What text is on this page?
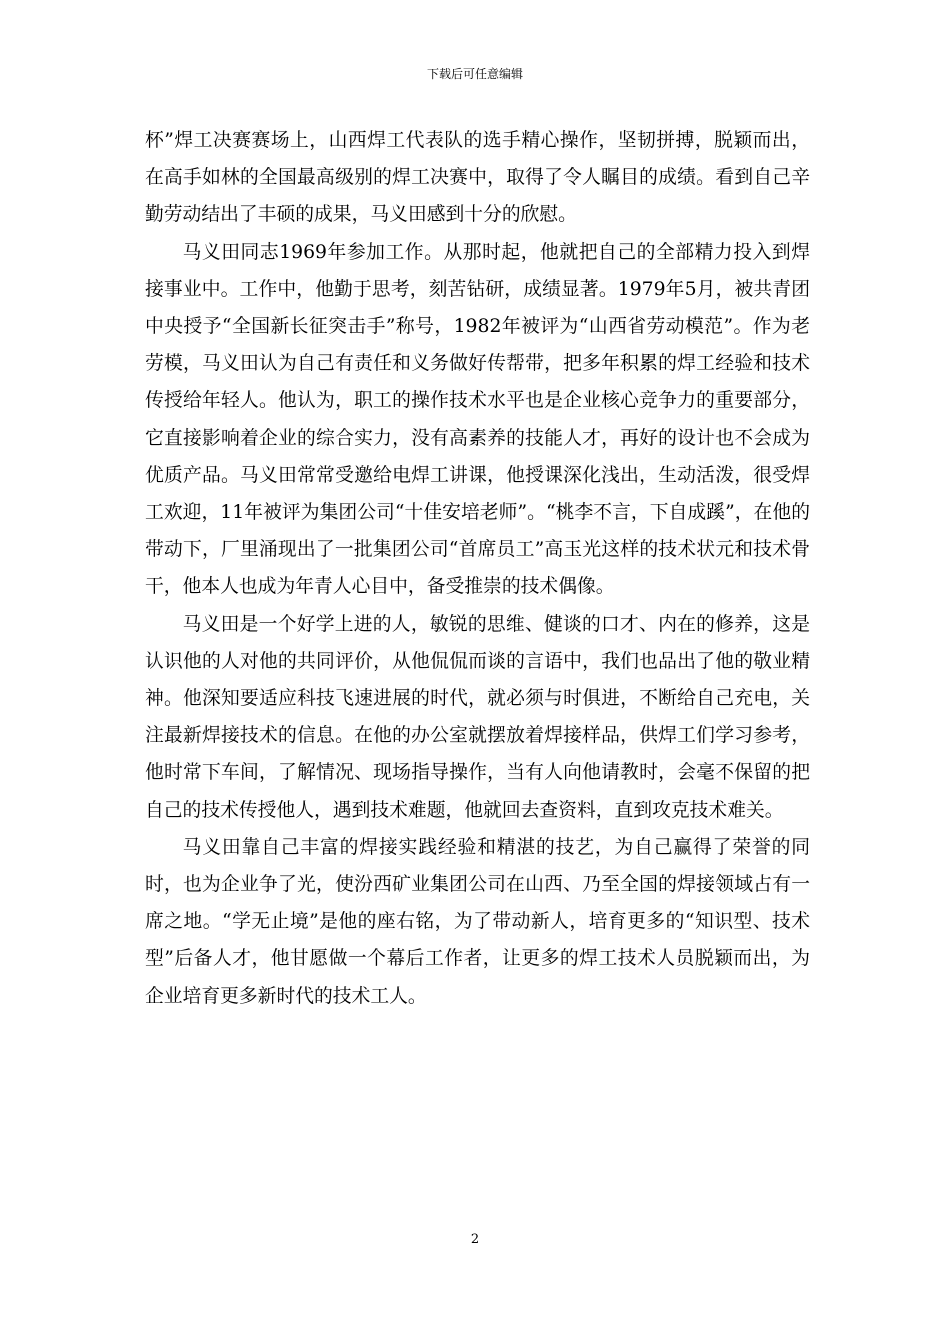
下载后可任意编辑

杯”焊工决赛赛场上，山西焊工代表队的选手精心操作，坚韧拼搏，脱颖而出，在高手如林的全国最高级别的焊工决赛中，取得了令人瞩目的成绩。看到自己辛勤劳动结出了丰硕的成果，马义田感到十分的欣慰。

马义田同志1969年参加工作。从那时起，他就把自己的全部精力投入到焊接事业中。工作中，他勤于思考，刻苦钻研，成绩显著。1979年5月，被共青团中央授予“全国新长征突击手”称号，1982年被评为“山西省劳动模范”。作为老劳模，马义田认为自己有责任和义务做好传帮带，把多年积累的焊工经验和技术传授给年轻人。他认为，职工的操作技术水平也是企业核心竞争力的重要部分，它直接影响着企业的综合实力，没有高素养的技能人才，再好的设计也不会成为优质产品。马义田常常受邀给电焊工讲课，他授课深化浅出，生动活泼，很受焊工欢迎，11年被评为集团公司“十佳安培老师”。“桃李不言，下自成蹊”，在他的带动下，厂里涌现出了一批集团公司“首席员工”高玉光这样的技术状元和技术骨干，他本人也成为年青人心目中，备受推崇的技术偶像。

马义田是一个好学上进的人，敏锐的思维、健谈的口才、内在的修养，这是认识他的人对他的共同评价，从他侃侃而谈的言语中，我们也品出了他的敬业精神。他深知要适应科技飞速进展的时代，就必须与时俱进，不断给自己充电，关注最新焊接技术的信息。在他的办公室就摆放着焊接样品，供焊工们学习参考，他时常下车间，了解情况、现场指导操作，当有人向他请教时，会毫不保留的把自己的技术传授他人，遇到技术难题，他就回去查资料，直到攻克技术难关。

马义田靠自己丰富的焊接实践经验和精湛的技艺，为自己赢得了荣誉的同时，也为企业争了光，使汾西矿业集团公司在山西、乃至全国的焊接领域占有一席之地。“学无止境”是他的座右铭，为了带动新人，培育更多的“知识型、技术型”后备人才，他甘愿做一个幕后工作者，让更多的焊工技术人员脱颖而出，为企业培育更多新时代的技术工人。

2
